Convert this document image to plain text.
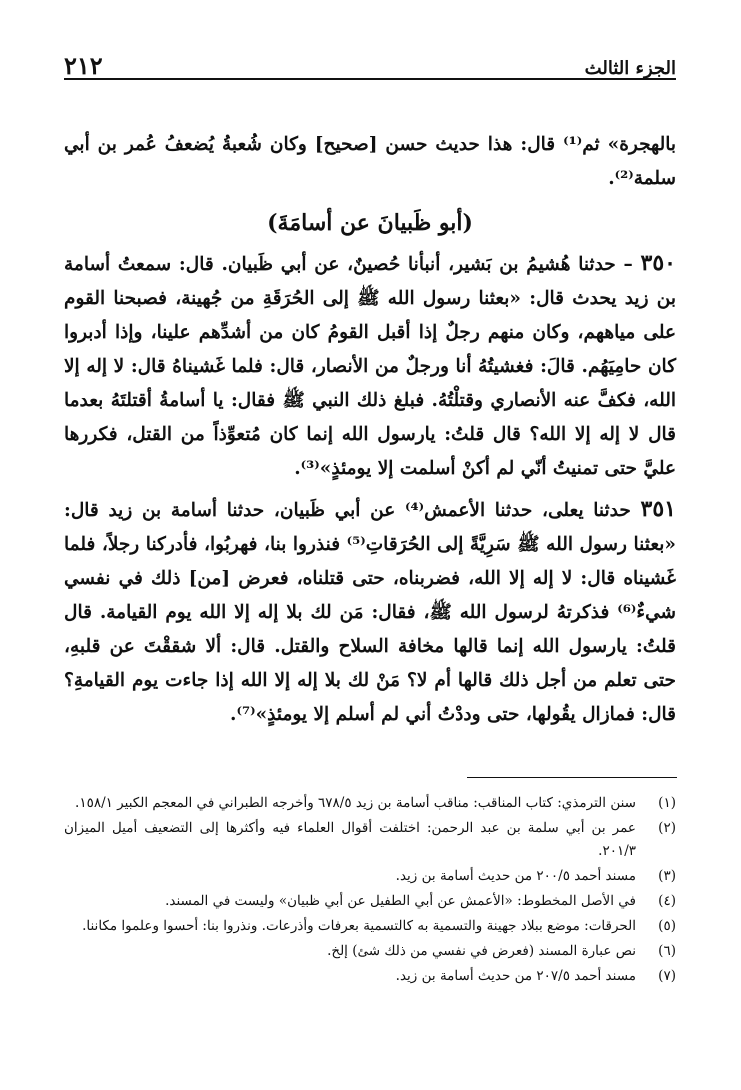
٢١٢	الجزء الثالث

بالهجرة» ثم⁽¹⁾ قال: هذا حديث حسن [صحيح] وكان شُعبةُ يُضعفُ عُمر بن أبي سلمة⁽²⁾.

(أبو ظَبيانَ عن أسامَةَ)

٣٥٠ – حدثنا هُشيمُ بن بَشير، أنبأنا حُصينٌ، عن أبي ظَبيان. قال: سمعتُ أسامة بن زيد يحدث قال: «بعثنا رسول الله ﷺ إلى الحُرَقَةِ من جُهينة، فصبحنا القوم على مياههم، وكان منهم رجلٌ إذا أقبل القومُ كان من أشدِّهم علينا، وإذا أدبروا كان حامِيَهُم. قالَ: فغشيتُهُ أنا ورجلٌ من الأنصار، قال: فلما غَشيناهُ قال: لا إله إلا الله، فكفَّ عنه الأنصاري وقتلْتُهُ. فبلغ ذلك النبي ﷺ فقال: يا أسامةُ أقتلتَهُ بعدما قال لا إله إلا الله؟ قال قلتُ: يارسول الله إنما كان مُتعوِّذاً من القتل، فكررها عليَّ حتى تمنيتُ أنّي لم أكنْ أسلمت إلا يومئذٍ»⁽³⁾.

٣٥١ حدثنا يعلى، حدثنا الأعمش⁽⁴⁾ عن أبي ظَبيان، حدثنا أسامة بن زيد قال: «بعثنا رسول الله ﷺ سَرِيَّةً إلى الحُرَقاتِ⁽⁵⁾ فنذروا بنا، فهربُوا، فأدركنا رجلاً، فلما غَشيناه قال: لا إله إلا الله، فضربناه، حتى قتلناه، فعرض [من] ذلك في نفسي شيءٌ⁽⁶⁾ فذكرتهُ لرسول الله ﷺ، فقال: مَن لك بلا إله إلا الله يوم القيامة. قال قلتُ: يارسول الله إنما قالها مخافة السلاح والقتل. قال: ألا شققْتَ عن قلبهِ، حتى تعلم من أجل ذلك قالها أم لا؟ مَنْ لك بلا إله إلا الله إذا جاءت يوم القيامةِ؟ قال: فمازال يقُولها، حتى وددْتُ أني لم أسلم إلا يومئذٍ»⁽⁷⁾.

(١)
سنن الترمذي: كتاب المناقب: مناقب أسامة بن زيد ٦٧٨/٥ وأخرجه الطبراني في المعجم الكبير ١٥٨/١.
(٢)
عمر بن أبي سلمة بن عبد الرحمن: اختلفت أقوال العلماء فيه وأكثرها إلى التضعيف أميل الميزان ٢٠١/٣.
(٣)
مسند أحمد ٢٠٠/٥ من حديث أسامة بن زيد.
(٤)
في الأصل المخطوط: «الأعمش عن أبي الطفيل عن أبي ظبيان» وليست في المسند.
(٥)
الحرقات: موضع ببلاد جهينة والتسمية به كالتسمية بعرفات وأذرعات. ونذروا بنا: أحسوا وعلموا مكاننا.
(٦)
نص عبارة المسند (فعرض في نفسي من ذلك شئ) إلخ.
(٧)
مسند أحمد ٢٠٧/٥ من حديث أسامة بن زيد.
